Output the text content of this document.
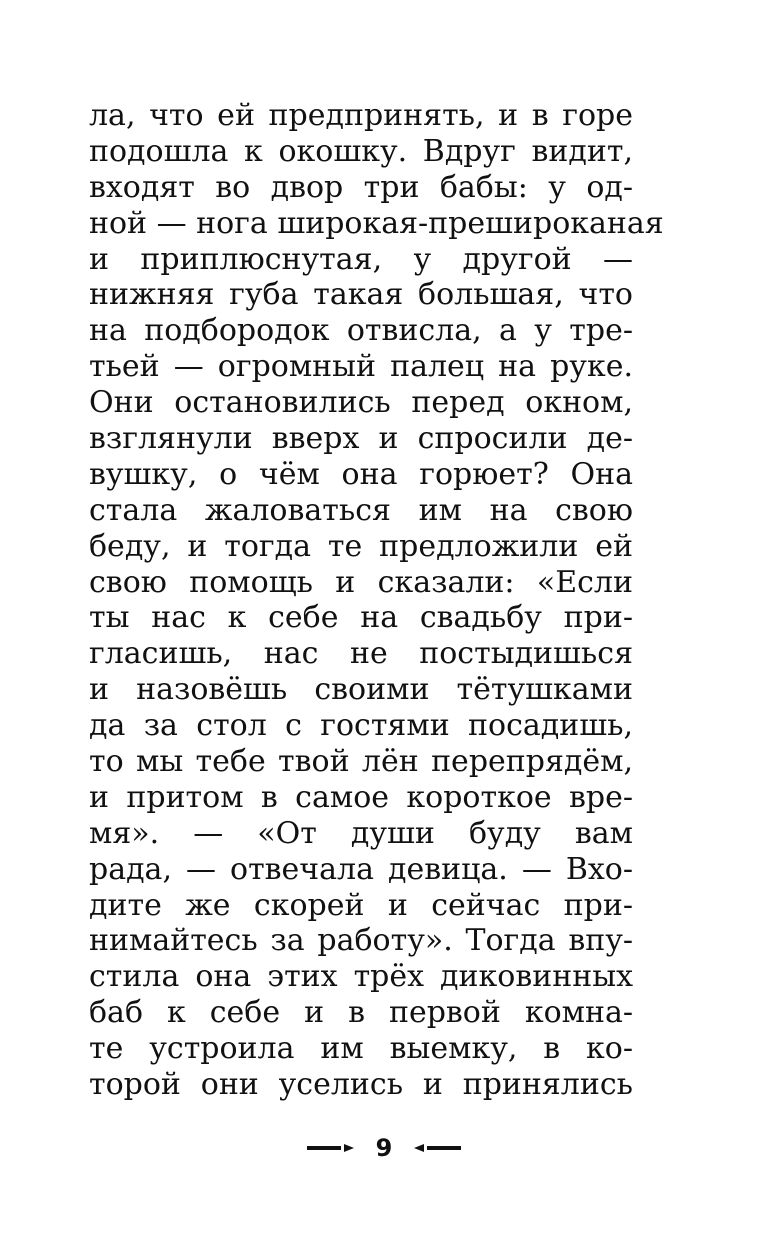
ла, что ей предпринять, и в горе
подошла к окошку. Вдруг видит,
входят во двор три бабы: у од-
ной — нога широкая-прешироканая
и приплюснутая, у другой —
нижняя губа такая большая, что
на подбородок отвисла, а у тре-
тьей — огромный палец на руке.
Они остановились перед окном,
взглянули вверх и спросили де-
вушку, о чём она горюет? Она
стала жаловаться им на свою
беду, и тогда те предложили ей
свою помощь и сказали: «Если
ты нас к себе на свадьбу при-
гласишь, нас не постыдишься
и назовёшь своими тётушками
да за стол с гостями посадишь,
то мы тебе твой лён перепрядём,
и притом в самое короткое вре-
мя». — «От души буду вам
рада, — отвечала девица. — Вхо-
дите же скорей и сейчас при-
нимайтесь за работу». Тогда впу-
стила она этих трёх диковинных
баб к себе и в первой комна-
те устроила им выемку, в ко-
торой они уселись и принялись
9
